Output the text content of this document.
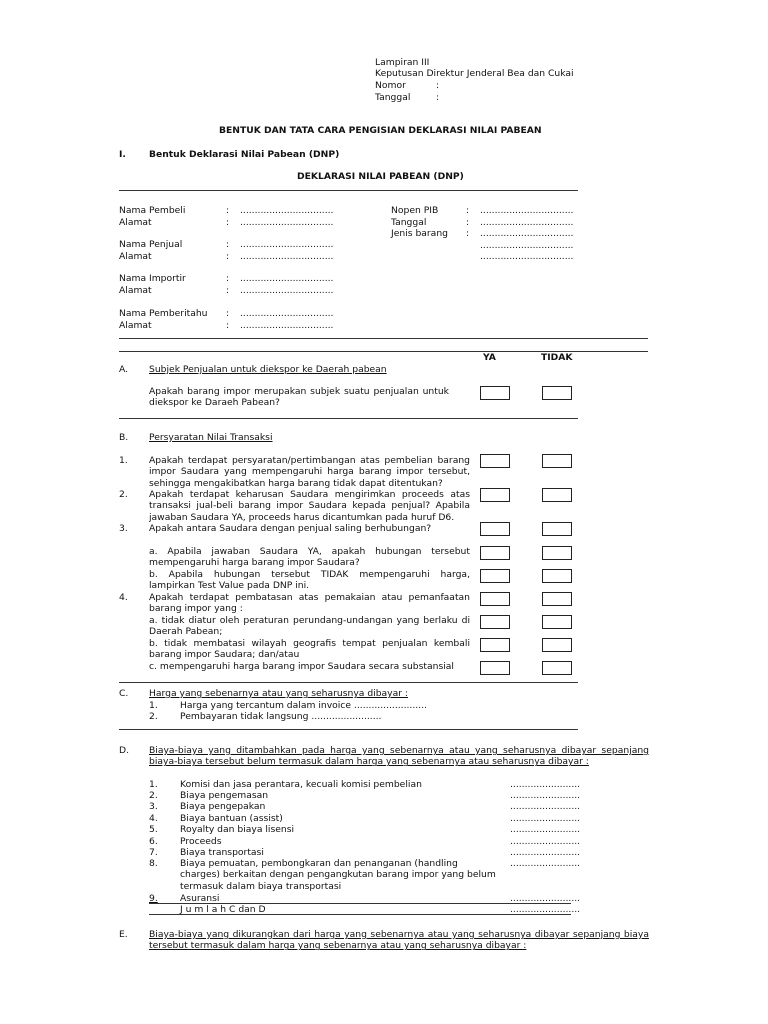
Lampiran III
Keputusan Direktur Jenderal Bea dan Cukai
Nomor	:
Tanggal	:
BENTUK DAN TATA CARA PENGISIAN DEKLARASI NILAI PABEAN
I.	Bentuk Deklarasi Nilai Pabean (DNP)
DEKLARASI NILAI PABEAN (DNP)
Nama Pembeli	: ................................
Alamat	: ................................
Nama Penjual	: ................................
Alamat	: ................................
Nama Importir	: ................................
Alamat	: ................................
Nama Pemberitahu : ................................
Alamat	: ................................
Nopen PIB	: ................................
Tanggal	: ................................
Jenis barang : ................................
................................
................................
YA	TIDAK
A. Subjek Penjualan untuk diekspor ke Daerah pabean
Apakah barang impor merupakan subjek suatu penjualan untuk diekspor ke Daraeh Pabean?
B. Persyaratan Nilai Transaksi
1. Apakah terdapat persyaratan/pertimbangan atas pembelian barang impor Saudara yang mempengaruhi harga barang impor tersebut, sehingga mengakibatkan harga barang tidak dapat ditentukan?
2. Apakah terdapat keharusan Saudara mengirimkan proceeds atas transaksi jual-beli barang impor Saudara kepada penjual? Apabila jawaban Saudara YA, proceeds harus dicantumkan pada huruf D6.
3. Apakah antara Saudara dengan penjual saling berhubungan?
a. Apabila jawaban Saudara YA, apakah hubungan tersebut mempengaruhi harga barang impor Saudara?
b. Apabila hubungan tersebut TIDAK mempengaruhi harga, lampirkan Test Value pada DNP ini.
4. Apakah terdapat pembatasan atas pemakaian atau pemanfaatan barang impor yang :
a. tidak diatur oleh peraturan perundang-undangan yang berlaku di Daerah Pabean;
b. tidak membatasi wilayah geografis tempat penjualan kembali barang impor Saudara; dan/atau
c. mempengaruhi harga barang impor Saudara secara substansial
C. Harga yang sebenarnya atau yang seharusnya dibayar :
1. Harga yang tercantum dalam invoice .........................
2. Pembayaran tidak langsung ........................
D. Biaya-biaya yang ditambahkan pada harga yang sebenarnya atau yang seharusnya dibayar sepanjang biaya-biaya tersebut belum termasuk dalam harga yang sebenarnya atau seharusnya dibayar :
1. Komisi dan jasa perantara, kecuali komisi pembelian	........................
2. Biaya pengemasan	........................
3. Biaya pengepakan	........................
4. Biaya bantuan (assist)	........................
5. Royalty dan biaya lisensi	........................
6. Proceeds	........................
7. Biaya transportasi	........................
8. Biaya pemuatan, pembongkaran dan penanganan (handling charges) berkaitan dengan pengangkutan barang impor yang belum termasuk dalam biaya transportasi
........................
9. Asuransi	........................
J u m l a h C dan D	........................
E. Biaya-biaya yang dikurangkan dari harga yang sebenarnya atau yang seharusnya dibayar sepanjang biaya tersebut termasuk dalam harga yang sebenarnya atau yang seharusnya dibayar :
